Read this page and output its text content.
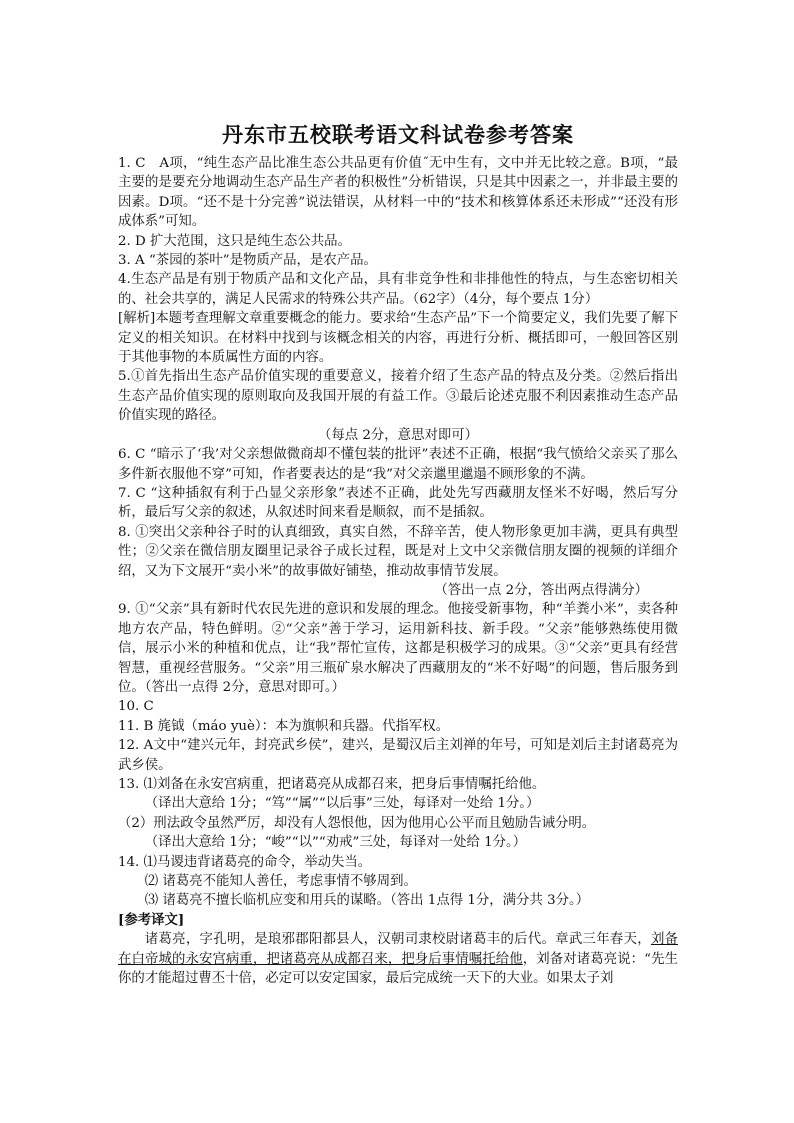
丹东市五校联考语文科试卷参考答案

1. C　A项，“纯生态产品比准生态公共品更有价值˝无中生有，文中并无比较之意。B项，“最主要的是要充分地调动生态产品生产者的积极性”分析错误，只是其中因素之一，并非最主要的因素。D项。“还不是十分完善”说法错误，从材料一中的“技术和核算体系还未形成”“还没有形成体系”可知。

2. D 扩大范围，这只是纯生态公共品。

3. A “茶园的茶叶”是物质产品，是农产品。

4.生态产品是有别于物质产品和文化产品，具有非竞争性和非排他性的特点，与生态密切相关的、社会共享的，满足人民需求的特殊公共产品。（62字）（4分，每个要点 1分）

[解析]本题考查理解文章重要概念的能力。要求给“生态产品”下一个简要定义，我们先要了解下定义的相关知识。在材料中找到与该概念相关的内容，再进行分析、概括即可，一般回答区别于其他事物的本质属性方面的内容。

5.①首先指出生态产品价值实现的重要意义，接着介绍了生态产品的特点及分类。②然后指出生态产品价值实现的原则取向及我国开展的有益工作。③最后论述克服不利因素推动生态产品价值实现的路径。

（每点 2分，意思对即可）

6. C “暗示了‘我’对父亲想做微商却不懂包装的批评”表述不正确，根据“我气愤给父亲买了那么多件新衣服他不穿”可知，作者要表达的是“我”对父亲邋里邋遢不顾形象的不满。

7. C “这种插叙有利于凸显父亲形象”表述不正确，此处先写西藏朋友怪米不好喝，然后写分析，最后写父亲的叙述，从叙述时间来看是顺叙，而不是插叙。

8. ①突出父亲种谷子时的认真细致，真实自然，不辞辛苦，使人物形象更加丰满，更具有典型性；②父亲在微信朋友圈里记录谷子成长过程，既是对上文中父亲微信朋友圈的视频的详细介绍，又为下文展开“卖小米”的故事做好铺垫，推动故事情节发展。

（答出一点 2分，答出两点得满分）

9. ①“父亲”具有新时代农民先进的意识和发展的理念。他接受新事物，种“羊粪小米”，卖各种地方农产品，特色鲜明。②“父亲”善于学习，运用新科技、新手段。“父亲”能够熟练使用微信，展示小米的种植和优点，让“我”帮忙宣传，这都是积极学习的成果。③“父亲”更具有经营智慧，重视经营服务。“父亲”用三瓶矿泉水解决了西藏朋友的“米不好喝”的问题，售后服务到位。（答出一点得 2分，意思对即可。）

10. C

11. B 旄钺（máo yuè）：本为旗帜和兵器。代指军权。

12. A文中“建兴元年，封亮武乡侯”，建兴，是蜀汉后主刘禅的年号，可知是刘后主封诸葛亮为武乡侯。

13. ⑴刘备在永安宫病重，把诸葛亮从成都召来，把身后事情嘱托给他。

（译出大意给 1分；“笃”“属”“以后事”三处，每译对一处给 1分。）

（2）刑法政令虽然严厉，却没有人怨恨他，因为他用心公平而且勉励告诫分明。

（译出大意给 1分；“峻”“以”“劝戒”三处，每译对一处给 1分。）

14. ⑴马谡违背诸葛亮的命令，举动失当。

⑵ 诸葛亮不能知人善任，考虑事情不够周到。

⑶ 诸葛亮不擅长临机应变和用兵的谋略。（答出 1点得 1分，满分共 3分。）

[参考译文]

诸葛亮，字孔明，是琅邪郡阳都县人，汉朝司隶校尉诸葛丰的后代。章武三年春天，刘备在白帝城的永安宫病重，把诸葛亮从成都召来，把身后事情嘱托给他，刘备对诸葛亮说：“先生你的才能超过曹丕十倍，必定可以安定国家，最后完成统一天下的大业。如果太子刘
